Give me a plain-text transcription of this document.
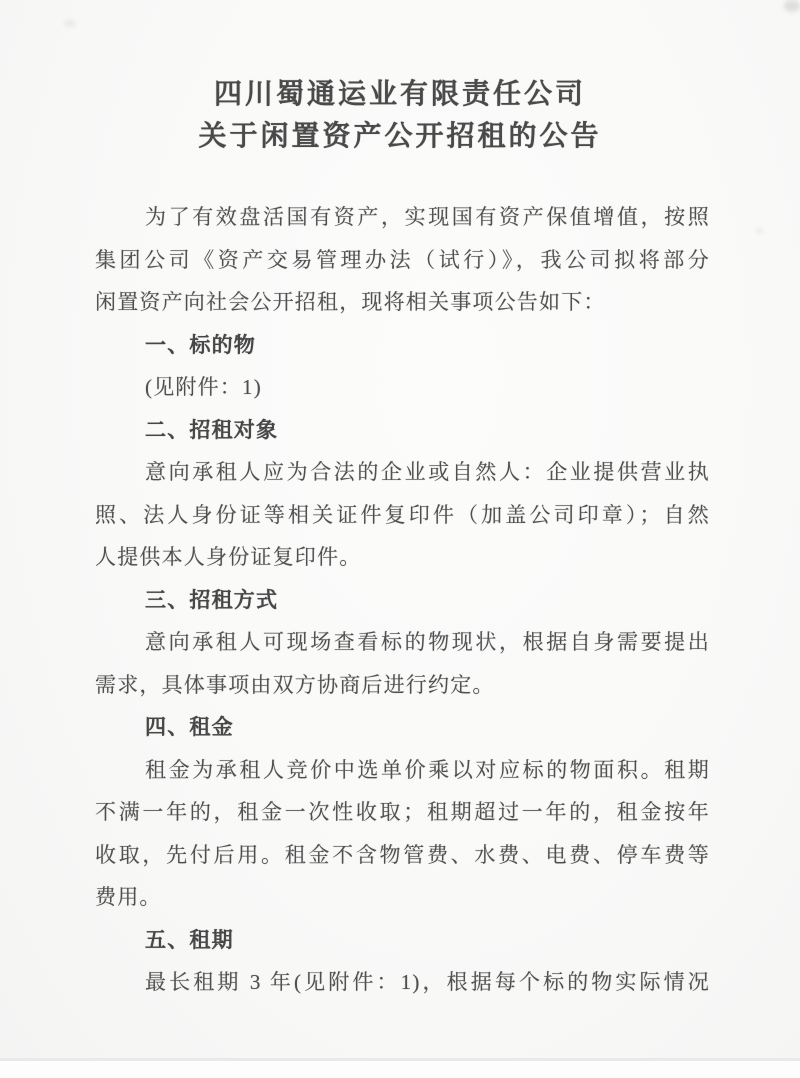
四川蜀通运业有限责任公司
关于闲置资产公开招租的公告
为了有效盘活国有资产，实现国有资产保值增值，按照
集团公司《资产交易管理办法（试行）》，我公司拟将部分
闲置资产向社会公开招租，现将相关事项公告如下：
一、标的物
(见附件：1)
二、招租对象
意向承租人应为合法的企业或自然人：企业提供营业执
照、法人身份证等相关证件复印件（加盖公司印章）；自然
人提供本人身份证复印件。
三、招租方式
意向承租人可现场查看标的物现状，根据自身需要提出
需求，具体事项由双方协商后进行约定。
四、租金
租金为承租人竞价中选单价乘以对应标的物面积。租期
不满一年的，租金一次性收取；租期超过一年的，租金按年
收取，先付后用。租金不含物管费、水费、电费、停车费等
费用。
五、租期
最长租期 3 年(见附件：1)，根据每个标的物实际情况
